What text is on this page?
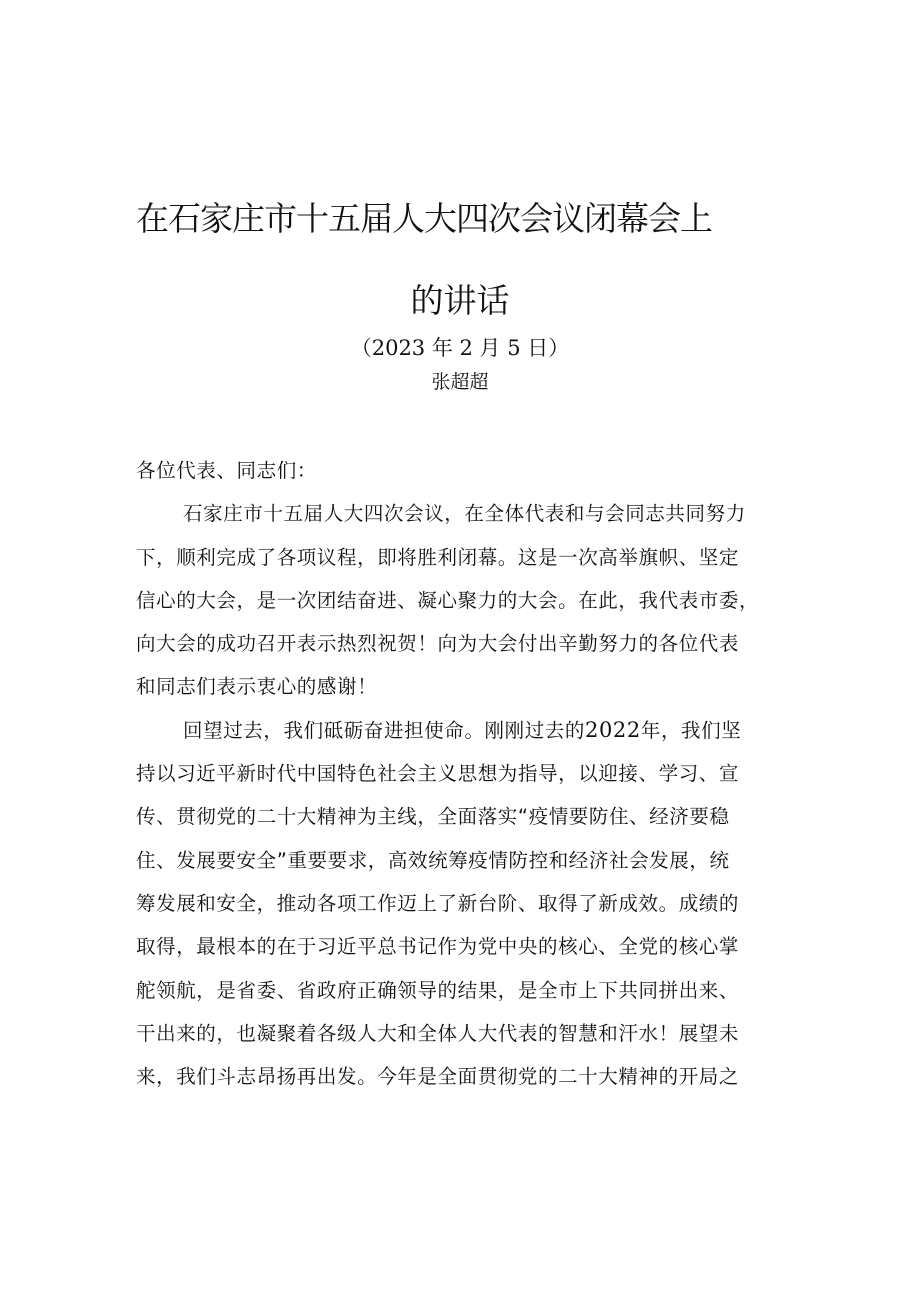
在石家庄市十五届人大四次会议闭幕会上
的讲话
（2023 年 2 月 5 日）
张超超
各位代表、同志们：
石家庄市十五届人大四次会议，在全体代表和与会同志共同努力
下，顺利完成了各项议程，即将胜利闭幕。这是一次高举旗帜、坚定
信心的大会，是一次团结奋进、凝心聚力的大会。在此，我代表市委，
向大会的成功召开表示热烈祝贺！向为大会付出辛勤努力的各位代表
和同志们表示衷心的感谢！
回望过去，我们砥砺奋进担使命。刚刚过去的2022年，我们坚
持以习近平新时代中国特色社会主义思想为指导，以迎接、学习、宣
传、贯彻党的二十大精神为主线，全面落实“疫情要防住、经济要稳
住、发展要安全”重要要求，高效统筹疫情防控和经济社会发展，统
筹发展和安全，推动各项工作迈上了新台阶、取得了新成效。成绩的
取得，最根本的在于习近平总书记作为党中央的核心、全党的核心掌
舵领航，是省委、省政府正确领导的结果，是全市上下共同拼出来、
干出来的，也凝聚着各级人大和全体人大代表的智慧和汗水！展望未
来，我们斗志昂扬再出发。今年是全面贯彻党的二十大精神的开局之
